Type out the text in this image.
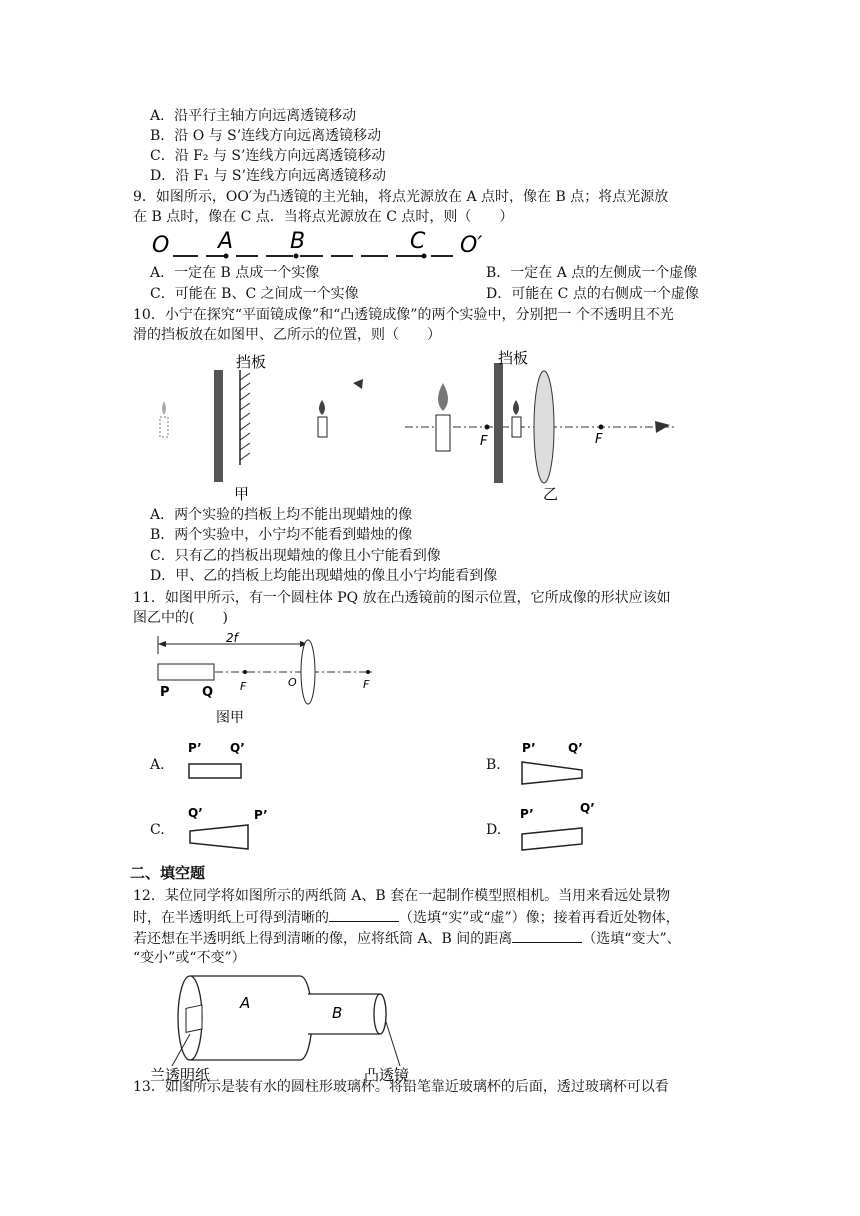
A．沿平行主轴方向远离透镜移动
B．沿 O 与 S’连线方向远离透镜移动
C．沿 F₂ 与 S’连线方向远离透镜移动
D．沿 F₁ 与 S’连线方向远离透镜移动
9．如图所示，OO′为凸透镜的主光轴，将点光源放在 A 点时，像在 B 点；将点光源放
在 B 点时，像在 C 点．当将点光源放在 C 点时，则（　　）
O A	B	C O′
A．一定在 B 点成一个实像	B．一定在 A 点的左侧成一个虚像
C．可能在 B、C 之间成一个实像	D．可能在 C 点的右侧成一个虚像
10．小宁在探究“平面镜成像”和“凸透镜成像”的两个实验中，分别把一 个不透明且不光
滑的挡板放在如图甲、乙所示的位置，则（　　）
挡板
甲
F
挡板
F
乙
A．两个实验的挡板上均不能出现蜡烛的像
B．两个实验中，小宁均不能看到蜡烛的像
C．只有乙的挡板出现蜡烛的像且小宁能看到像
D．甲、乙的挡板上均能出现蜡烛的像且小宁均能看到像
11．如图甲所示，有一个圆柱体 PQ 放在凸透镜前的图示位置，它所成像的形状应该如
图乙中的(　　)
2f
P Q F	O	F
图甲
A.
P’ Q’
B.
P’	Q’
C.
Q’	P’
D.
P’	Q’
二、填空题
12．某位同学将如图所示的两纸筒 A、B 套在一起制作模型照相机。当用来看远处景物
时，在半透明纸上可得到清晰的	（选填“实”或“虚”）像；接着再看近处物体，
若还想在半透明纸上得到清晰的像，应将纸筒 A、B 间的距离	（选填“变大”、
“变小”或“不变”）
A
B
兰透明纸	凸透镜
13．如图所示是装有水的圆柱形玻璃杯。将铅笔靠近玻璃杯的后面，透过玻璃杯可以看
